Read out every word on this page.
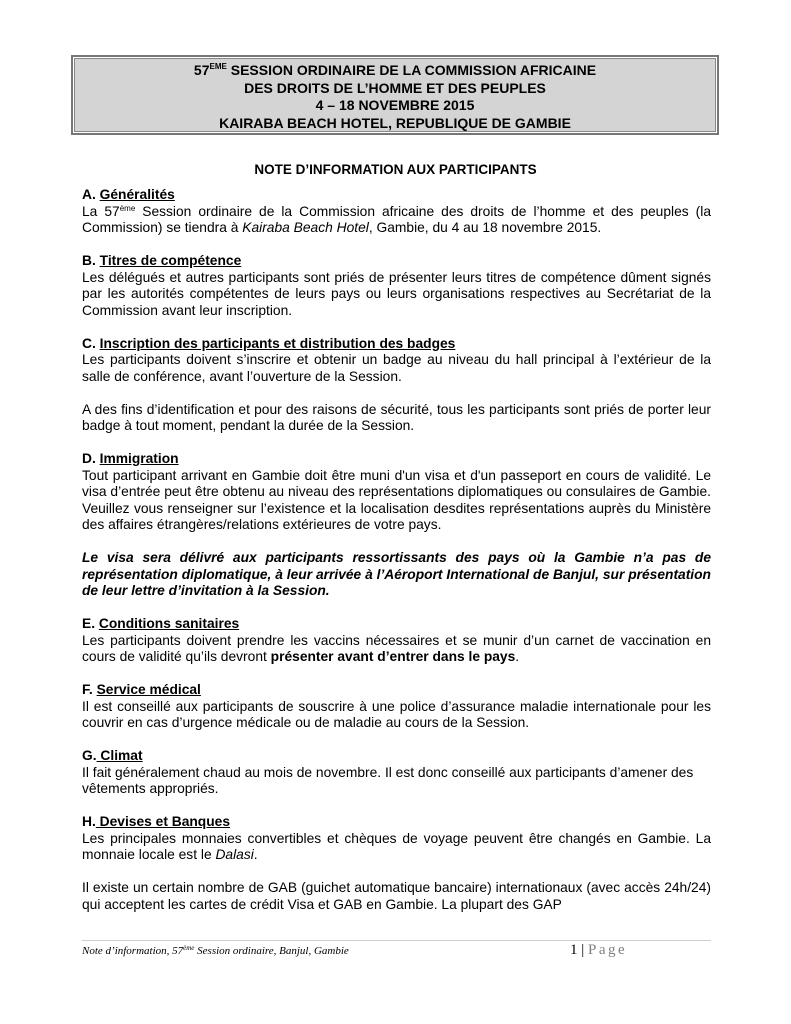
57EME SESSION ORDINAIRE DE LA COMMISSION AFRICAINE
DES DROITS DE L’HOMME ET DES PEUPLES
4 – 18 NOVEMBRE 2015
KAIRABA BEACH HOTEL, REPUBLIQUE DE GAMBIE
NOTE D’INFORMATION AUX PARTICIPANTS
A. Généralités

La 57ème Session ordinaire de la Commission africaine des droits de l’homme et des peuples (la Commission) se tiendra à Kairaba Beach Hotel, Gambie, du 4 au 18 novembre 2015.

B. Titres de compétence

Les délégués et autres participants sont priés de présenter leurs titres de compétence dûment signés par les autorités compétentes de leurs pays ou leurs organisations respectives au Secrétariat de la Commission avant leur inscription.

C. Inscription des participants et distribution des badges

Les participants doivent s’inscrire et obtenir un badge au niveau du hall principal à l’extérieur de la salle de conférence, avant l’ouverture de la Session.

A des fins d’identification et pour des raisons de sécurité, tous les participants sont priés de porter leur badge à tout moment, pendant la durée de la Session.

D. Immigration

Tout participant arrivant en Gambie doit être muni d'un visa et d'un passeport en cours de validité. Le visa d’entrée peut être obtenu au niveau des représentations diplomatiques ou consulaires de Gambie. Veuillez vous renseigner sur l’existence et la localisation desdites représentations auprès du Ministère des affaires étrangères/relations extérieures de votre pays.

Le visa sera délivré aux participants ressortissants des pays où la Gambie n’a pas de représentation diplomatique, à leur arrivée à l’Aéroport International de Banjul, sur présentation de leur lettre d’invitation à la Session.

E. Conditions sanitaires

Les participants doivent prendre les vaccins nécessaires et se munir d’un carnet de vaccination en cours de validité qu’ils devront présenter avant d’entrer dans le pays.

F. Service médical

Il est conseillé aux participants de souscrire à une police d’assurance maladie internationale pour les couvrir en cas d’urgence médicale ou de maladie au cours de la Session.

G. Climat

Il fait généralement chaud au mois de novembre. Il est donc conseillé aux participants d’amener des vêtements appropriés.

H. Devises et Banques

Les principales monnaies convertibles et chèques de voyage peuvent être changés en Gambie. La monnaie locale est le Dalasi.

Il existe un certain nombre de GAB (guichet automatique bancaire) internationaux (avec accès 24h/24) qui acceptent les cartes de crédit Visa et GAB en Gambie. La plupart des GAP

Note d’information, 57ème Session ordinaire, Banjul, Gambie	1 | Page
